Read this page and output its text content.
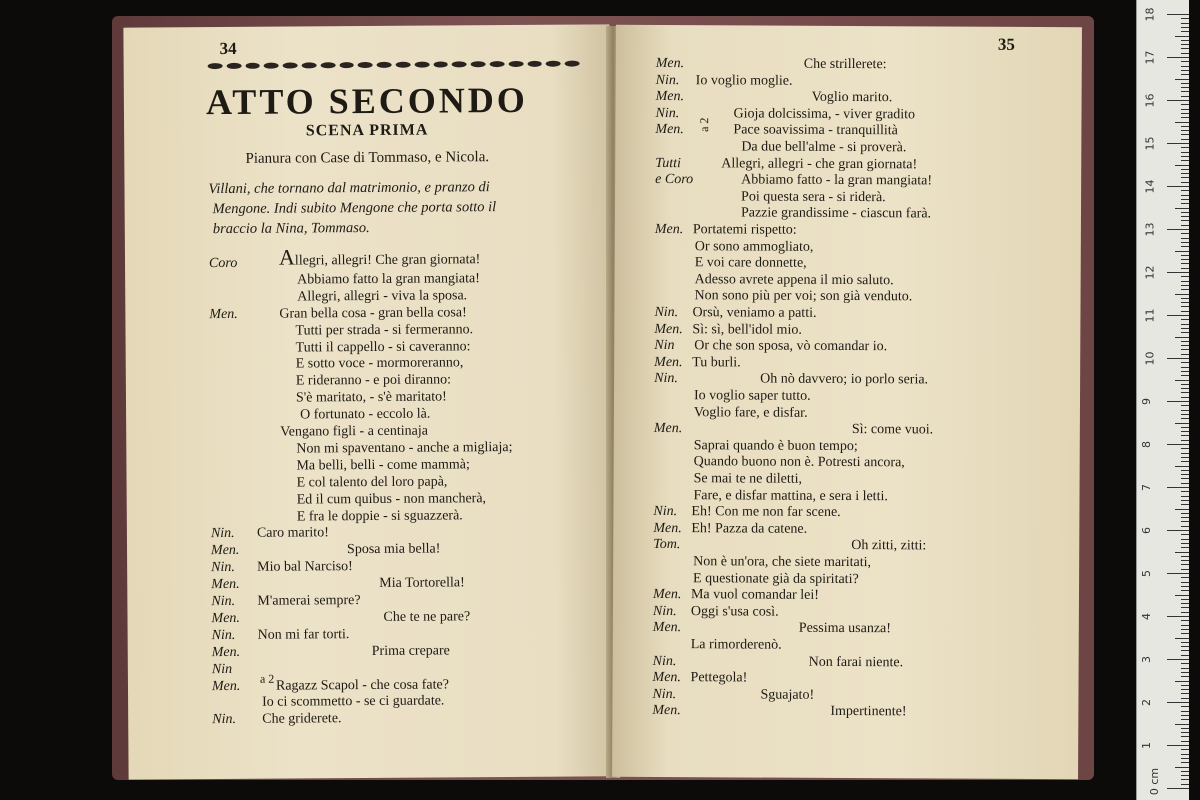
34
ATTO SECONDO
SCENA PRIMA
Pianura con Case di Tommaso, e Nicola.
Villani, che tornano dal matrimonio, e pranzo di
Mengone. Indi subito Mengone che porta sotto il
braccio la Nina, Tommaso.
Coro Allegri, allegri! Che gran giornata!
Abbiamo fatto la gran mangiata!
Allegri, allegri - viva la sposa.
Men.	Gran bella cosa - gran bella cosa!
Tutti per strada - si fermeranno.
Tutti il cappello - si caveranno:
E sotto voce - mormoreranno,
E rideranno - e poi diranno:
S'è maritato, - s'è maritato!
O fortunato - eccolo là.
Vengano figli - a centinaja
Non mi spaventano - anche a migliaja;
Ma belli, belli - come mammà;
E col talento del loro papà,
Ed il cum quibus - non mancherà,
E fra le doppie - si sguazzerà.
Nin. Caro marito!
Men.	Sposa mia bella!
Nin. Mio bal Narciso!
Men.	Mia Tortorella!
Nin. M'amerai sempre?
Men.	Che te ne pare?
Nin. Non mi far torti.
Men.	Prima crepare
Nin
Men.	Ragazz Scapol - che cosa fate?
Io ci scommetto - se ci guardate.
Nin. Che griderete.
a 2
35
Men.	Che strillerete:
Nin. Io voglio moglie.
Men.	Voglio marito.
Nin.	Gioja dolcissima, - viver gradito
Men.	Pace soavissima - tranquillità
Da due bell'alme - si proverà.
Tutti	Allegri, allegri - che gran giornata!
e Coro	Abbiamo fatto - la gran mangiata!
Poi questa sera - si riderà.
Pazzie grandissime - ciascun farà.
Men. Portatemi rispetto:
Or sono ammogliato,
E voi care donnette,
Adesso avrete appena il mio saluto.
Non sono più per voi; son già venduto.
Nin. Orsù, veniamo a patti.
Men. Sì: sì, bell'idol mio.
Nin Or che son sposa, vò comandar io.
Men. Tu burli.
Nin.	Oh nò davvero; io porlo seria.
Io voglio saper tutto.
Voglio fare, e disfar.
Men.	Sì: come vuoi.
Saprai quando è buon tempo;
Quando buono non è. Potresti ancora,
Se mai te ne diletti,
Fare, e disfar mattina, e sera i letti.
Nin. Eh! Con me non far scene.
Men. Eh! Pazza da catene.
Tom.	Oh zitti, zitti:
Non è un'ora, che siete maritati,
E questionate già da spiritati?
Men. Ma vuol comandar lei!
Nin. Oggi s'usa così.
Men.	Pessima usanza!
La rimorderenò.
Nin.	Non farai niente.
Men. Pettegola!
Nin.	Sguajato!
Men.	Impertinente!
a 2
1
2
3
4
5
6
7
8
9
10
11
12
13
14
15
16
17
18
0 cm
